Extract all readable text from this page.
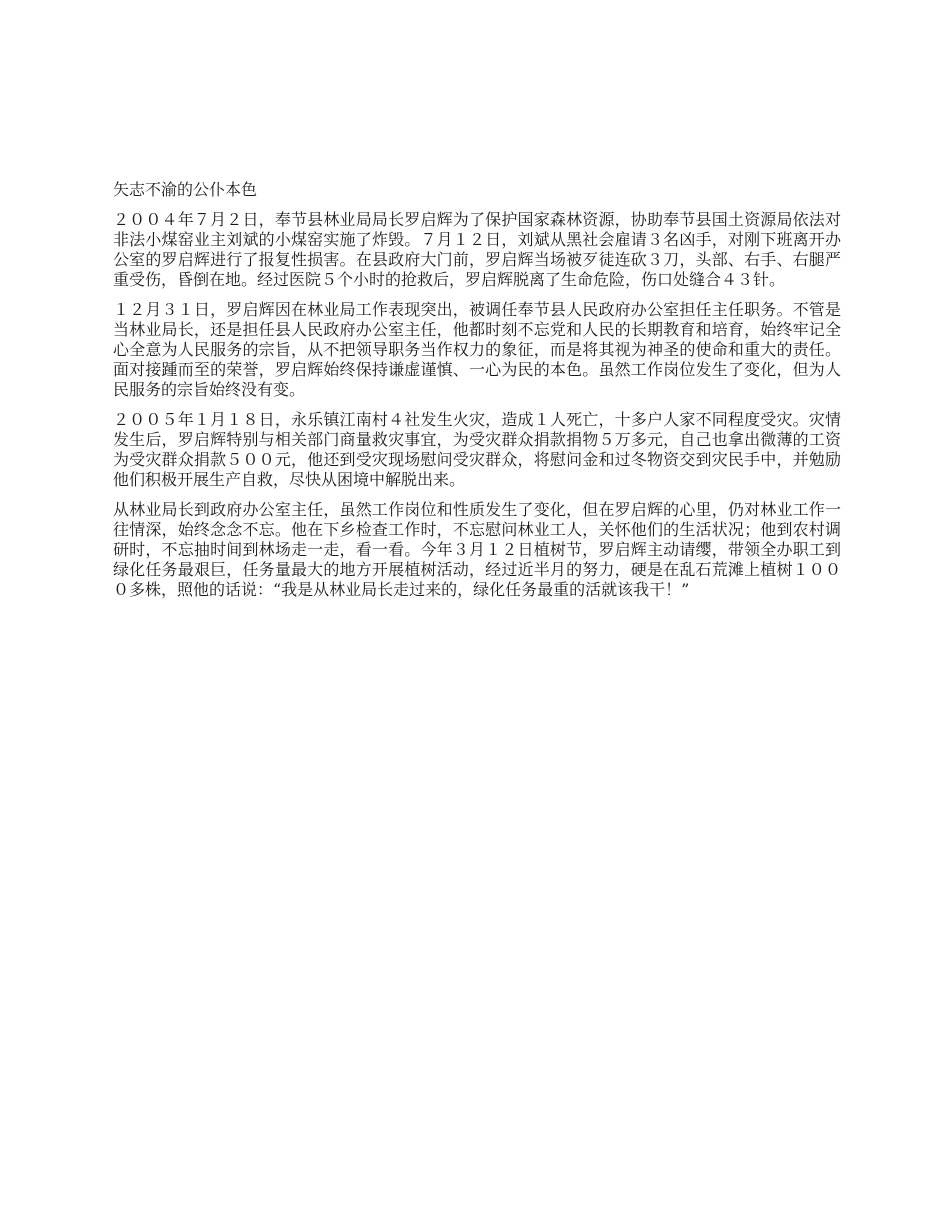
矢志不渝的公仆本色

２００４年７月２日，奉节县林业局局长罗启辉为了保护国家森林资源，协助奉节县国土资源局依法对非法小煤窑业主刘斌的小煤窑实施了炸毁。７月１２日，刘斌从黑社会雇请３名凶手，对刚下班离开办公室的罗启辉进行了报复性损害。在县政府大门前，罗启辉当场被歹徒连砍３刀，头部、右手、右腿严重受伤，昏倒在地。经过医院５个小时的抢救后，罗启辉脱离了生命危险，伤口处缝合４３针。

１２月３１日，罗启辉因在林业局工作表现突出，被调任奉节县人民政府办公室担任主任职务。不管是当林业局长，还是担任县人民政府办公室主任，他都时刻不忘党和人民的长期教育和培育，始终牢记全心全意为人民服务的宗旨，从不把领导职务当作权力的象征，而是将其视为神圣的使命和重大的责任。面对接踵而至的荣誉，罗启辉始终保持谦虚谨慎、一心为民的本色。虽然工作岗位发生了变化，但为人民服务的宗旨始终没有变。

２００５年１月１８日，永乐镇江南村４社发生火灾，造成１人死亡，十多户人家不同程度受灾。灾情发生后，罗启辉特别与相关部门商量救灾事宜，为受灾群众捐款捐物５万多元，自己也拿出微薄的工资为受灾群众捐款５００元，他还到受灾现场慰问受灾群众，将慰问金和过冬物资交到灾民手中，并勉励他们积极开展生产自救，尽快从困境中解脱出来。

从林业局长到政府办公室主任，虽然工作岗位和性质发生了变化，但在罗启辉的心里，仍对林业工作一往情深，始终念念不忘。他在下乡检查工作时，不忘慰问林业工人，关怀他们的生活状况；他到农村调研时，不忘抽时间到林场走一走，看一看。今年３月１２日植树节，罗启辉主动请缨，带领全办职工到绿化任务最艰巨，任务量最大的地方开展植树活动，经过近半月的努力，硬是在乱石荒滩上植树１０００多株，照他的话说：“我是从林业局长走过来的，绿化任务最重的活就该我干！”
